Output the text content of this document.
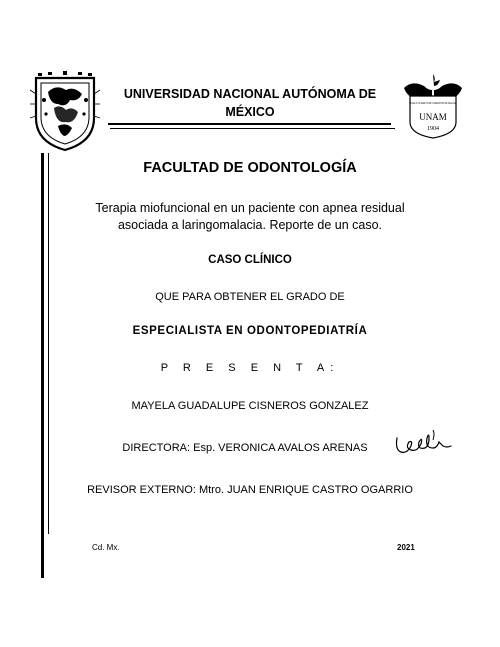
FACULTAD DE ODONTOLOGÍA
UNAM
1904
UNIVERSIDAD NACIONAL AUTÓNOMA DE
MÉXICO
FACULTAD DE ODONTOLOGÍA
Terapia miofuncional en un paciente con apnea residual
asociada a laringomalacia. Reporte de un caso.
CASO CLÍNICO
QUE PARA OBTENER EL GRADO DE
ESPECIALISTA EN ODONTOPEDIATRÍA
P R E S E N T A:
MAYELA GUADALUPE CISNEROS GONZALEZ
DIRECTORA: Esp. VERONICA AVALOS ARENAS
REVISOR EXTERNO: Mtro. JUAN ENRIQUE CASTRO OGARRIO
Cd. Mx.	2021
